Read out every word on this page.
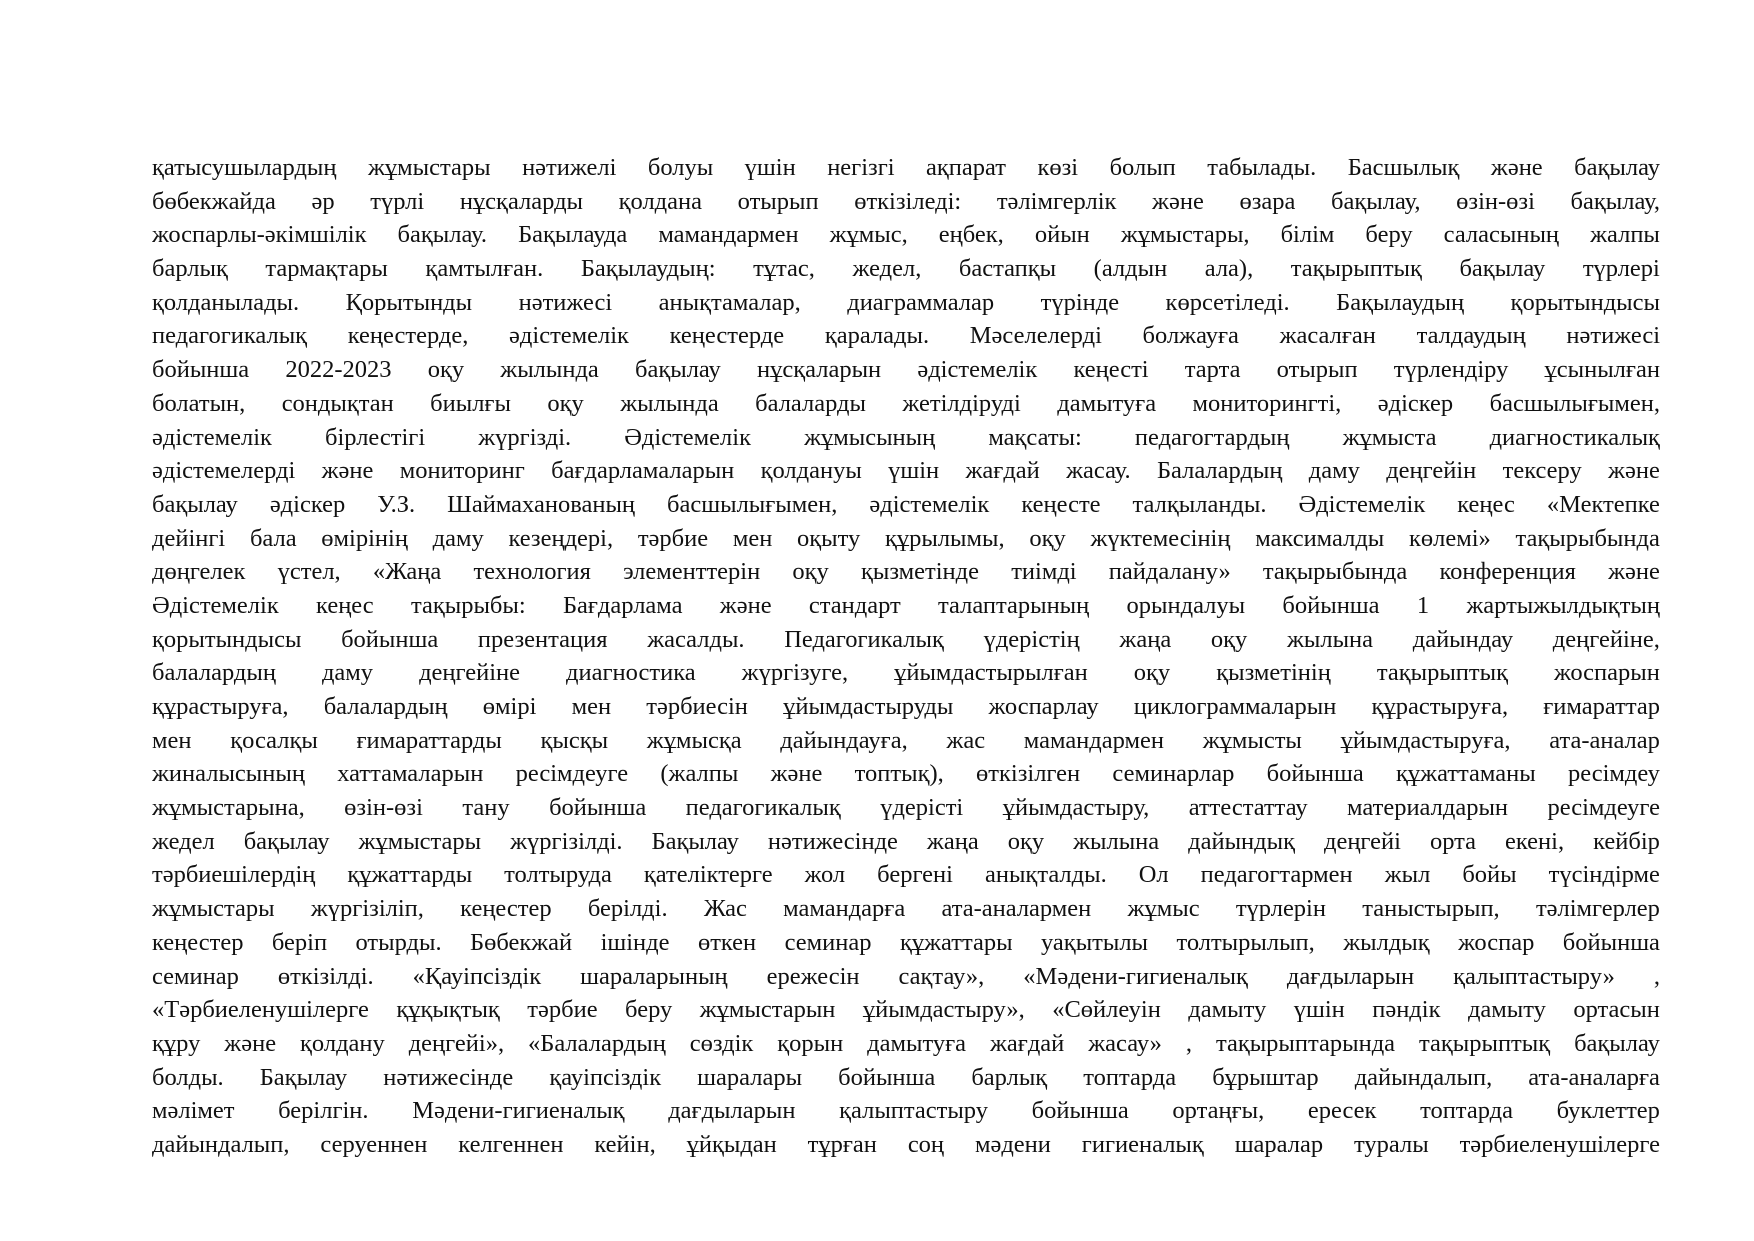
қатысушылардың жұмыстары нәтижелі болуы үшін негізгі ақпарат көзі болып табылады. Басшылық және бақылау
бөбекжайда әр түрлі нұсқаларды қолдана отырып өткізіледі: тәлімгерлік және өзара бақылау, өзін-өзі бақылау,
жоспарлы-әкімшілік бақылау. Бақылауда мамандармен жұмыс, еңбек, ойын жұмыстары, білім беру саласының жалпы
барлық тармақтары қамтылған. Бақылаудың: тұтас, жедел, бастапқы (алдын ала), тақырыптық бақылау түрлері
қолданылады. Қорытынды нәтижесі анықтамалар, диаграммалар түрінде көрсетіледі. Бақылаудың қорытындысы
педагогикалық кеңестерде, әдістемелік кеңестерде қаралады. Мәселелерді болжауға жасалған талдаудың нәтижесі
бойынша 2022-2023 оқу жылында бақылау нұсқаларын әдістемелік кеңесті тарта отырып түрлендіру ұсынылған
болатын, сондықтан биылғы оқу жылында балаларды жетілдіруді дамытуға мониторингті, әдіскер басшылығымен,
әдістемелік бірлестігі жүргізді. Әдістемелік жұмысының мақсаты: педагогтардың жұмыста диагностикалық
әдістемелерді және мониторинг бағдарламаларын қолдануы үшін жағдай жасау. Балалардың даму деңгейін тексеру және
бақылау әдіскер У.З. Шаймаханованың басшылығымен, әдістемелік кеңесте талқыланды. Әдістемелік кеңес «Мектепке
дейінгі бала өмірінің даму кезеңдері, тәрбие мен оқыту құрылымы, оқу жүктемесінің максималды көлемі» тақырыбында
дөңгелек үстел, «Жаңа технология элементтерін оқу қызметінде тиімді пайдалану» тақырыбында конференция және
Әдістемелік кеңес тақырыбы: Бағдарлама және стандарт талаптарының орындалуы бойынша 1 жартыжылдықтың
қорытындысы бойынша презентация жасалды. Педагогикалық үдерістің жаңа оқу жылына дайындау деңгейіне,
балалардың даму деңгейіне диагностика жүргізуге, ұйымдастырылған оқу қызметінің тақырыптық жоспарын
құрастыруға, балалардың өмірі мен тәрбиесін ұйымдастыруды жоспарлау циклограммаларын құрастыруға, ғимараттар
мен қосалқы ғимараттарды қысқы жұмысқа дайындауға, жас мамандармен жұмысты ұйымдастыруға, ата-аналар
жиналысының хаттамаларын ресімдеуге (жалпы және топтық), өткізілген семинарлар бойынша құжаттаманы ресімдеу
жұмыстарына, өзін-өзі тану бойынша педагогикалық үдерісті ұйымдастыру, аттестаттау материалдарын ресімдеуге
жедел бақылау жұмыстары жүргізілді. Бақылау нәтижесінде жаңа оқу жылына дайындық деңгейі орта екені, кейбір
тәрбиешілердің құжаттарды толтыруда қателіктерге жол бергені анықталды. Ол педагогтармен жыл бойы түсіндірме
жұмыстары жүргізіліп, кеңестер берілді. Жас мамандарға ата-аналармен жұмыс түрлерін таныстырып, тәлімгерлер
кеңестер беріп отырды. Бөбекжай ішінде өткен семинар құжаттары уақытылы толтырылып, жылдық жоспар бойынша
семинар өткізілді. «Қауіпсіздік шараларының ережесін сақтау», «Мәдени-гигиеналық дағдыларын қалыптастыру» ,
«Тәрбиеленушілерге құқықтық тәрбие беру жұмыстарын ұйымдастыру», «Сөйлеуін дамыту үшін пәндік дамыту ортасын
құру және қолдану деңгейі», «Балалардың сөздік қорын дамытуға жағдай жасау» , тақырыптарында тақырыптық бақылау
болды. Бақылау нәтижесінде қауіпсіздік шаралары бойынша барлық топтарда бұрыштар дайындалып, ата-аналарға
мәлімет берілгін. Мәдени-гигиеналық дағдыларын қалыптастыру бойынша ортаңғы, ересек топтарда буклеттер
дайындалып, серуеннен келгеннен кейін, ұйқыдан тұрған соң мәдени гигиеналық шаралар туралы тәрбиеленушілерге
